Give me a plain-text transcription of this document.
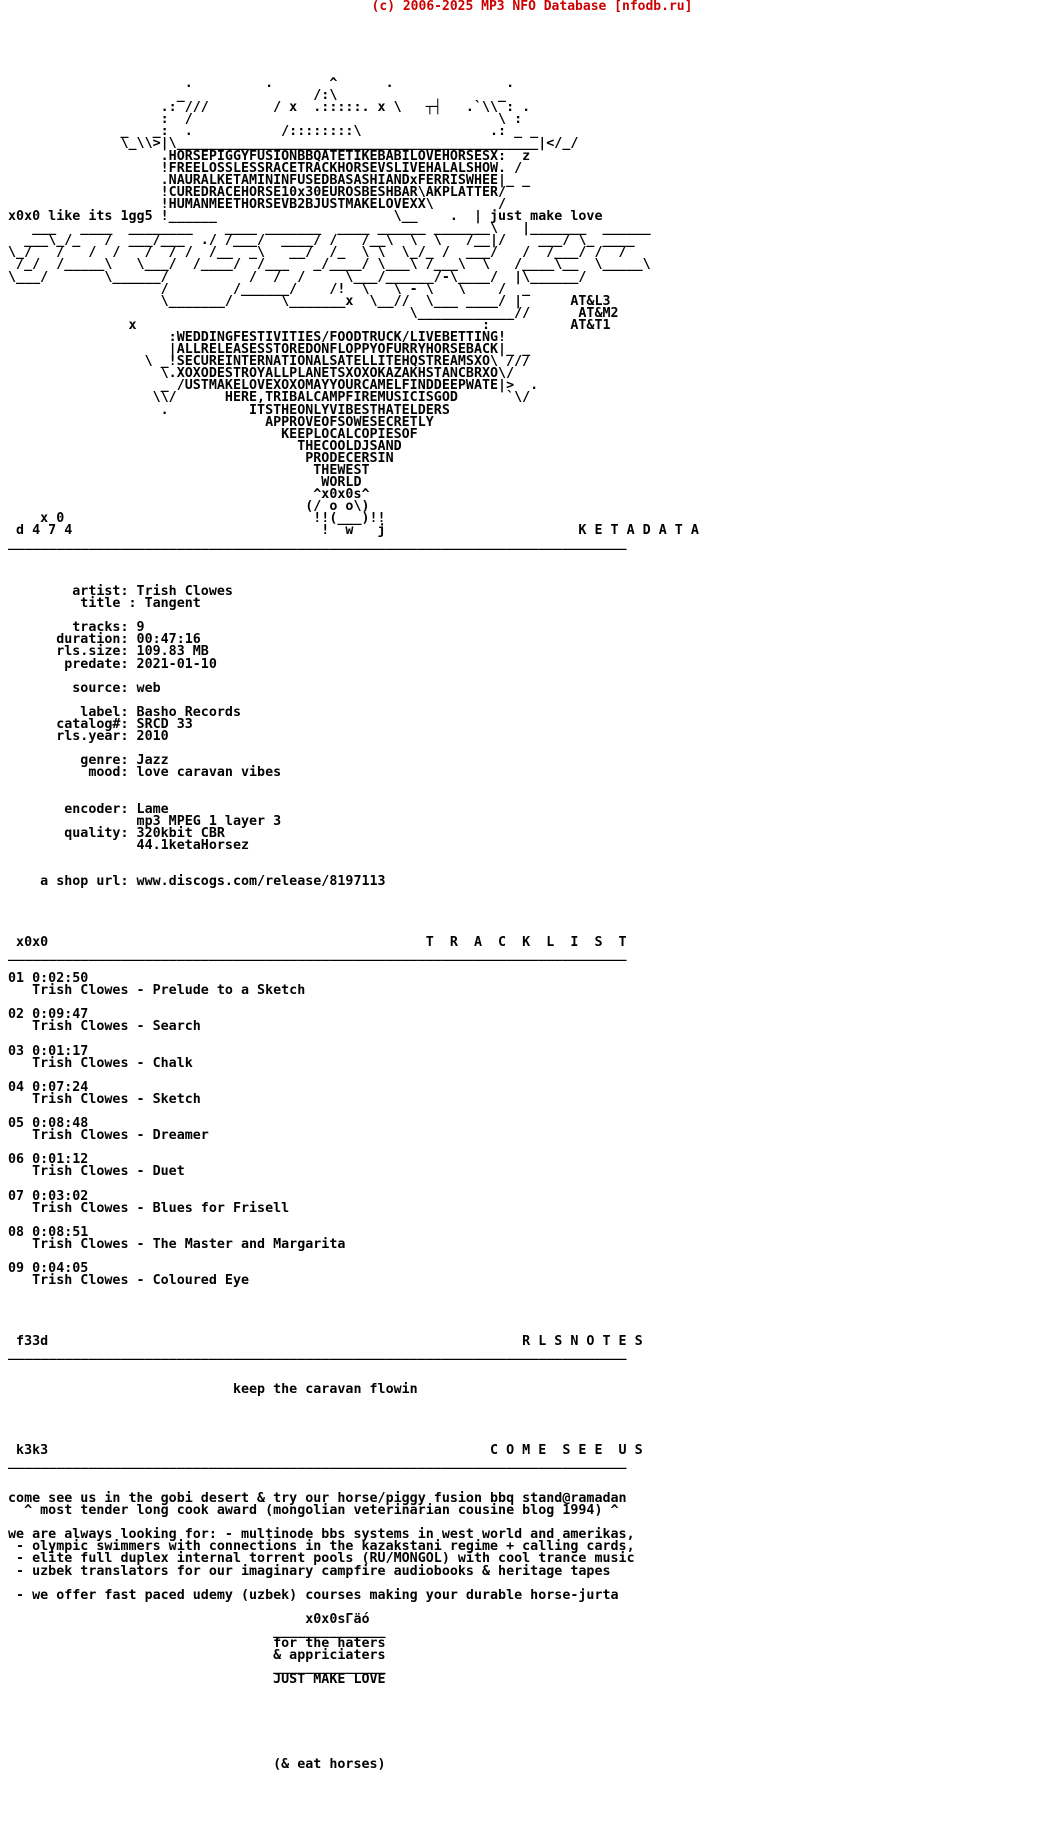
(c) 2006-2025 MP3 NFO Database [nfodb.ru]
.         .       ^      .              .
_                /:\                    _
.: ///        / x  .:::::. x \   ┬┤   .`\\ : .
:  /                                      \ :
_   _:  .           /::::::::\                .: _ _
\_\\>|\_____________________________________________|</_/
.HORSEPIGGYFUSIONBBQATETIKEBABILOVEHORSESX:  z
!FREELOSSLESSRACETRACKHORSEVSLIVEHALALSHOW. /
.NAURALKETAMININFUSEDBASASHIANDxFERRISWHEE|_ _
!CUREDRACEHORSE10x30EUROSBESHBAR\AKPLATTER/
!HUMANMEETHORSEVB2BJUSTMAKELOVEXX\        /
x0x0 like its 1gg5 !______                      \__    .  | just make love
___   ____  ________    ____ _______  ____ ______ _______\   |_______  ______
___\_/_   /  ___/___  ./ /___/  ____/ /   /__\  \  \   /__|/    ___/ \_ ____
\_/   /   /  /   /  / /  /__  _\   __/  /_  \ \  \_/_ /  ___/   /  /___/ /  /
/_/  /_____\   \___/  /____/  /___   _/____/ \___\ /___\  \   /____\__  \_____\
\___/       \______/          /  /  /     \___/______/-\____/  |\______/
/        /______/    /!  \   \ - \   \    /  _
\_______/      \_______x  \__//  \___ ____/ |      AT&L3
\____________//      AT&M2
x                                           :          AT&T1
:WEDDINGFESTIVITIES/FOODTRUCK/LIVEBETTING!
|ALLRELEASESSTOREDONFLOPPYOFURRYHORSEBACK|_ _
\ _!SECUREINTERNATIONALSATELLITEHQSTREAMSXO\ ///
\.XOXODESTROYALLPLANETSXOXOKAZAKHSTANCBRXO\/
_ /USTMAKELOVEXOXOMAYYOURCAMELFINDDEEPWATE|>  .
\\/      HERE,TRIBALCAMPFIREMUSICISGOD      `\/
.          ITSTHEONLYVIBESTHATELDERS
APPROVEOFSOWESECRETLY
KEEPLOCALCOPIESOF
THECOOLDJSAND
PRODECERSIN
THEWEST
WORLD
^x0x0s^
(/ o o\)
x 0                               !!(___)!!
d 4 7 4                               !  w   j                        K E T A D A T A
_____________________________________________________________________________

artist: Trish Clowes
title : Tangent

tracks: 9
duration: 00:47:16
rls.size: 109.83 MB
predate: 2021-01-10

source: web

label: Basho Records
catalog#: SRCD 33
rls.year: 2010

genre: Jazz
mood: love caravan vibes

encoder: Lame
mp3 MPEG 1 layer 3
quality: 320kbit CBR
44.1ketaHorsez

a shop url: www.discogs.com/release/8197113

x0x0                                               T  R  A  C  K  L  I  S  T
_____________________________________________________________________________

01 0:02:50
Trish Clowes - Prelude to a Sketch

02 0:09:47
Trish Clowes - Search

03 0:01:17
Trish Clowes - Chalk

04 0:07:24
Trish Clowes - Sketch

05 0:08:48
Trish Clowes - Dreamer

06 0:01:12
Trish Clowes - Duet

07 0:03:02
Trish Clowes - Blues for Frisell

08 0:08:51
Trish Clowes - The Master and Margarita

09 0:04:05
Trish Clowes - Coloured Eye

f33d                                                           R L S N O T E S
_____________________________________________________________________________

keep the caravan flowin

k3k3                                                       C O M E  S E E  U S
_____________________________________________________________________________

come see us in the gobi desert & try our horse/piggy fusion bbq stand@ramadan
^ most tender long cook award (mongolian veterinarian cousine blog 1994) ^

we are always looking for: - multinode bbs systems in west world and amerikas,
- olympic swimmers with connections in the kazakstani regime + calling cards,
- elite full duplex internal torrent pools (RU/MONGOL) with cool trance music
- uzbek translators for our imaginary campfire audiobooks & heritage tapes

- we offer fast paced udemy (uzbek) courses making your durable horse-jurta

x0x0sГäó
______________
for the haters
& appriciaters
______________
JUST MAKE LOVE

(& eat horses)
